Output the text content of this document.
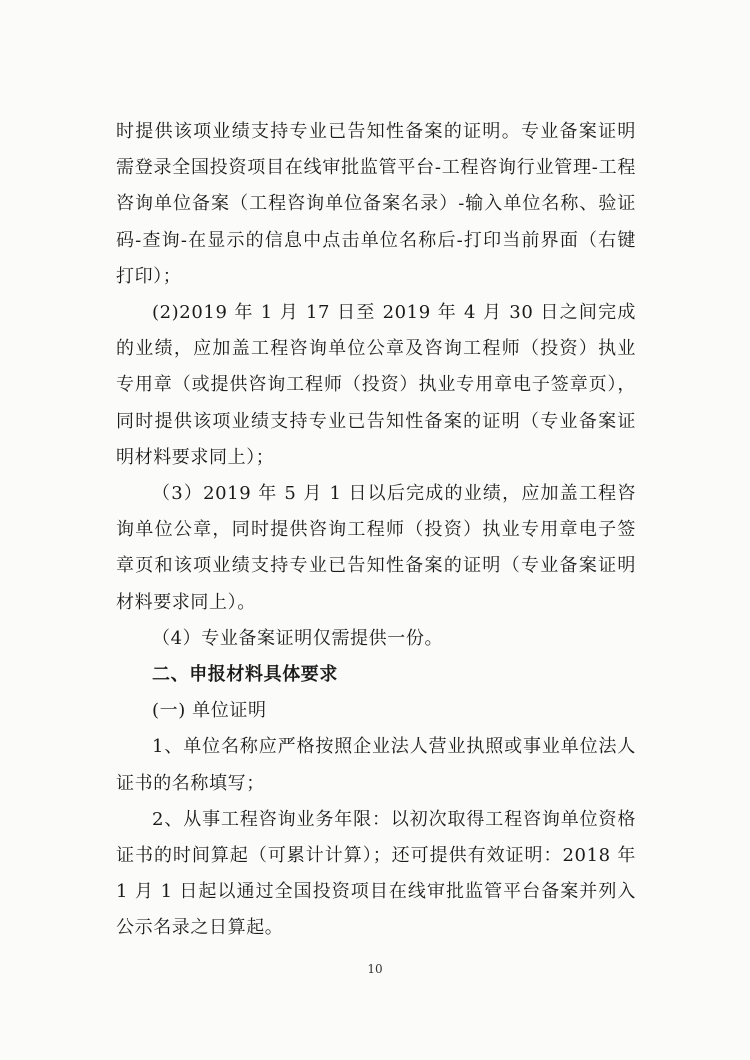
时提供该项业绩支持专业已告知性备案的证明。专业备案证明需登录全国投资项目在线审批监管平台-工程咨询行业管理-工程咨询单位备案（工程咨询单位备案名录）-输入单位名称、验证码-查询-在显示的信息中点击单位名称后-打印当前界面（右键打印）；

(2)2019 年 1 月 17 日至 2019 年 4 月 30 日之间完成的业绩，应加盖工程咨询单位公章及咨询工程师（投资）执业专用章（或提供咨询工程师（投资）执业专用章电子签章页），同时提供该项业绩支持专业已告知性备案的证明（专业备案证明材料要求同上）；

（3）2019 年 5 月 1 日以后完成的业绩，应加盖工程咨询单位公章，同时提供咨询工程师（投资）执业专用章电子签章页和该项业绩支持专业已告知性备案的证明（专业备案证明材料要求同上）。

（4）专业备案证明仅需提供一份。

二、申报材料具体要求

(一) 单位证明

1、单位名称应严格按照企业法人营业执照或事业单位法人证书的名称填写；

2、从事工程咨询业务年限：以初次取得工程咨询单位资格证书的时间算起（可累计计算）；还可提供有效证明：2018 年 1 月 1 日起以通过全国投资项目在线审批监管平台备案并列入公示名录之日算起。

10
